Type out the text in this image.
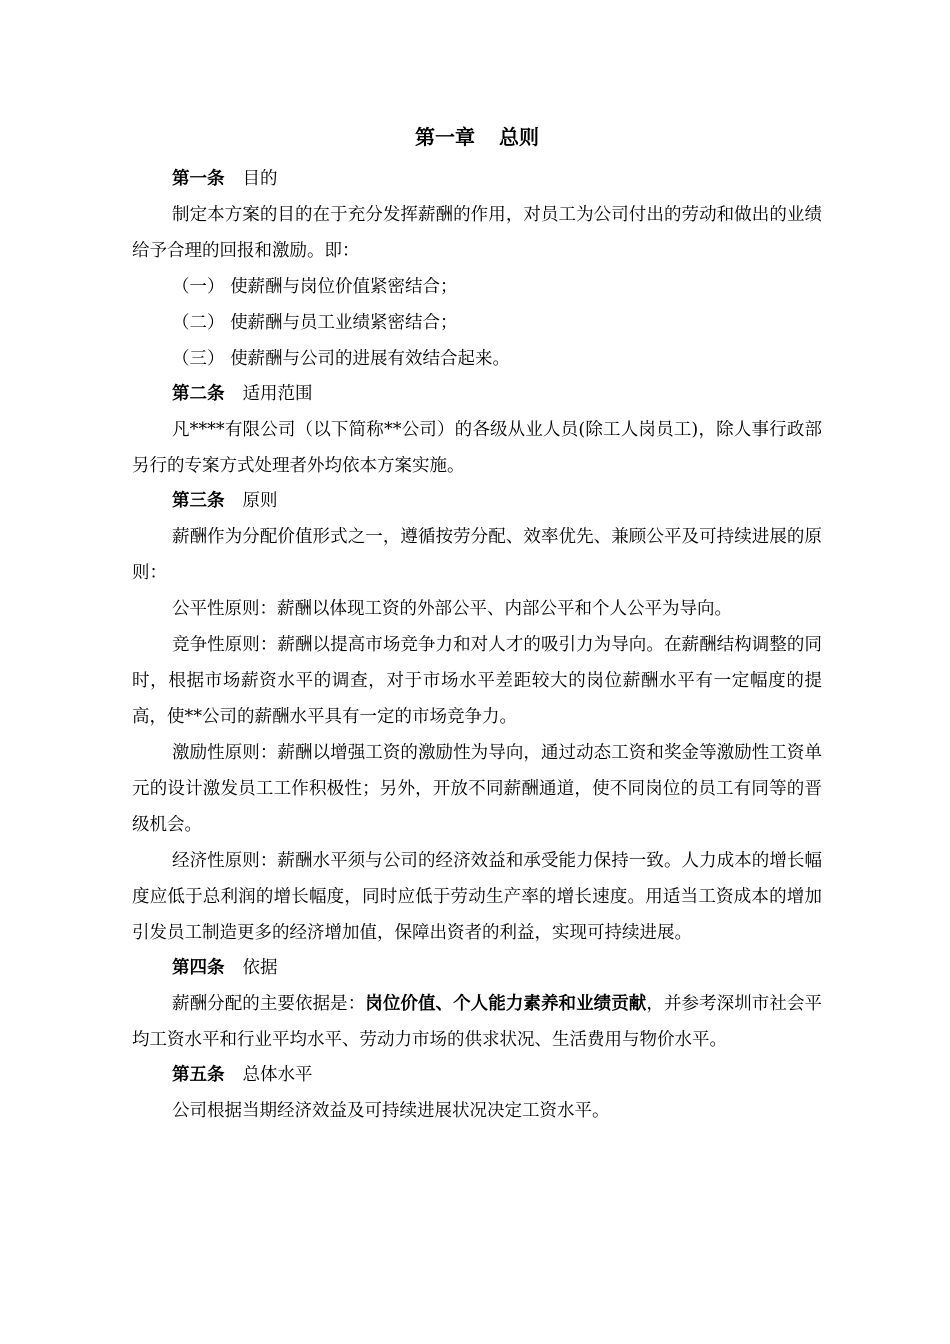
第一章 总则

第一条 目的

制定本方案的目的在于充分发挥薪酬的作用，对员工为公司付出的劳动和做出的业绩给予合理的回报和激励。即：

（一） 使薪酬与岗位价值紧密结合；

（二） 使薪酬与员工业绩紧密结合；

（三） 使薪酬与公司的进展有效结合起来。

第二条 适用范围

凡****有限公司（以下简称**公司）的各级从业人员(除工人岗员工)，除人事行政部另行的专案方式处理者外均依本方案实施。

第三条 原则

薪酬作为分配价值形式之一，遵循按劳分配、效率优先、兼顾公平及可持续进展的原则：

公平性原则：薪酬以体现工资的外部公平、内部公平和个人公平为导向。

竞争性原则：薪酬以提高市场竞争力和对人才的吸引力为导向。在薪酬结构调整的同时，根据市场薪资水平的调查，对于市场水平差距较大的岗位薪酬水平有一定幅度的提高，使**公司的薪酬水平具有一定的市场竞争力。

激励性原则：薪酬以增强工资的激励性为导向，通过动态工资和奖金等激励性工资单元的设计激发员工工作积极性；另外，开放不同薪酬通道，使不同岗位的员工有同等的晋级机会。

经济性原则：薪酬水平须与公司的经济效益和承受能力保持一致。人力成本的增长幅度应低于总利润的增长幅度，同时应低于劳动生产率的增长速度。用适当工资成本的增加引发员工制造更多的经济增加值，保障出资者的利益，实现可持续进展。

第四条 依据

薪酬分配的主要依据是：岗位价值、个人能力素养和业绩贡献，并参考深圳市社会平均工资水平和行业平均水平、劳动力市场的供求状况、生活费用与物价水平。

第五条 总体水平

公司根据当期经济效益及可持续进展状况决定工资水平。
